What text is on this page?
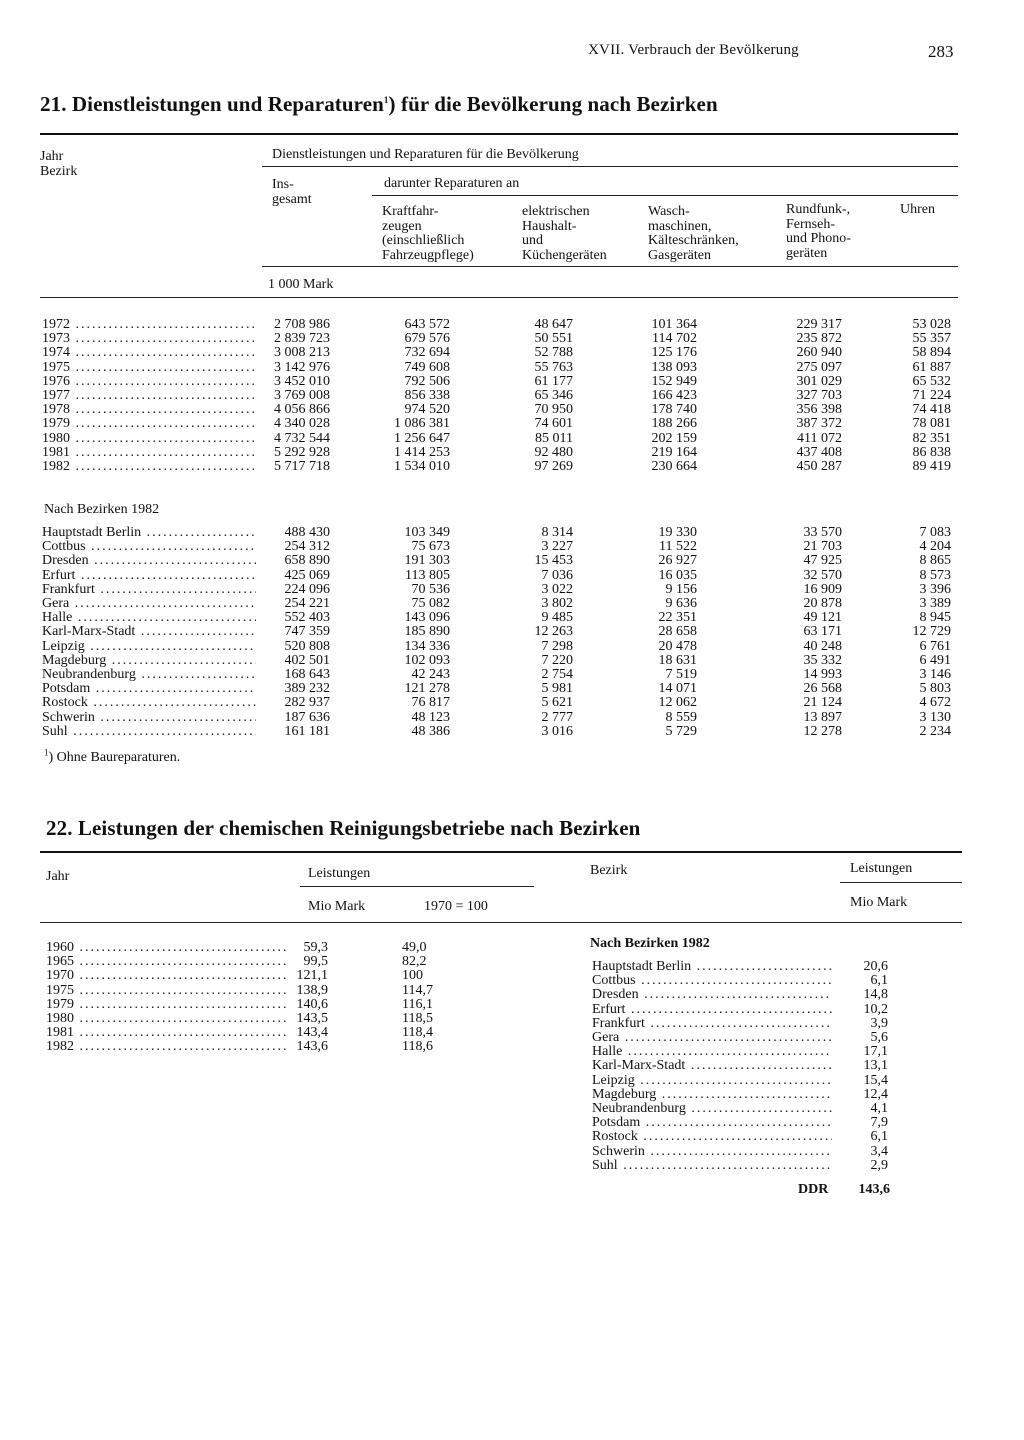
XVII. Verbrauch der Bevölkerung	283
21. Dienstleistungen und Reparaturen$^1$) für die Bevölkerung nach Bezirken
Jahr
Bezirk
Dienstleistungen und Reparaturen für die Bevölkerung
Ins-
gesamt
darunter Reparaturen an
Kraftfahr-
zeugen
(einschließlich
Fahrzeugpflege)
elektrischen
Haushalt-
und
Küchengeräten
Wasch-
maschinen,
Kälteschränken,
Gasgeräten
Rundfunk-,
Fernseh-
und Phono-
geräten
Uhren
1 000 Mark
1972 .....	2 708 986	643 572	48 647	101 364	229 317	53 028
1973 .....	2 839 723	679 576	50 551	114 702	235 872	55 357
1974 .....	3 008 213	732 694	52 788	125 176	260 940	58 894
1975 .....	3 142 976	749 608	55 763	138 093	275 097	61 887
1976 .....	3 452 010	792 506	61 177	152 949	301 029	65 532
1977 .....	3 769 008	856 338	65 346	166 423	327 703	71 224
1978 .....	4 056 866	974 520	70 950	178 740	356 398	74 418
1979 .....	4 340 028	1 086 381	74 601	188 266	387 372	78 081
1980 .....	4 732 544	1 256 647	85 011	202 159	411 072	82 351
1981 .....	5 292 928	1 414 253	92 480	219 164	437 408	86 838
1982 .....	5 717 718	1 534 010	97 269	230 664	450 287	89 419
Nach Bezirken 1982
Hauptstadt Berlin .....	488 430	103 349	8 314	19 330	33 570	7 083
Cottbus .....	254 312	75 673	3 227	11 522	21 703	4 204
Dresden .....	658 890	191 303	15 453	26 927	47 925	8 865
Erfurt .....	425 069	113 805	7 036	16 035	32 570	8 573
Frankfurt .....	224 096	70 536	3 022	9 156	16 909	3 396
Gera .....	254 221	75 082	3 802	9 636	20 878	3 389
Halle .....	552 403	143 096	9 485	22 351	49 121	8 945
Karl-Marx-Stadt .....	747 359	185 890	12 263	28 658	63 171	12 729
Leipzig .....	520 808	134 336	7 298	20 478	40 248	6 761
Magdeburg .....	402 501	102 093	7 220	18 631	35 332	6 491
Neubrandenburg .....	168 643	42 243	2 754	7 519	14 993	3 146
Potsdam .....	389 232	121 278	5 981	14 071	26 568	5 803
Rostock .....	282 937	76 817	5 621	12 062	21 124	4 672
Schwerin .....	187 636	48 123	2 777	8 559	13 897	3 130
Suhl .....	161 181	48 386	3 016	5 729	12 278	2 234
$^1$) Ohne Baureparaturen.
22. Leistungen der chemischen Reinigungsbetriebe nach Bezirken
Jahr	Leistungen
Mio Mark	1970 = 100
Bezirk	Leistungen
Mio Mark
1960 .....	59,3	49,0
1965 .....	99,5	82,2
1970 .....	121,1	100
1975 .....	138,9	114,7
1979 .....	140,6	116,1
1980 .....	143,5	118,5
1981 .....	143,4	118,4
1982 .....	143,6	118,6
Nach Bezirken 1982
Hauptstadt Berlin .....	20,6
Cottbus .....	6,1
Dresden .....	14,8
Erfurt .....	10,2
Frankfurt .....	3,9
Gera .....	5,6
Halle .....	17,1
Karl-Marx-Stadt .....	13,1
Leipzig .....	15,4
Magdeburg .....	12,4
Neubrandenburg .....	4,1
Potsdam .....	7,9
Rostock .....	6,1
Schwerin .....	3,4
Suhl .....	2,9
DDR	143,6
